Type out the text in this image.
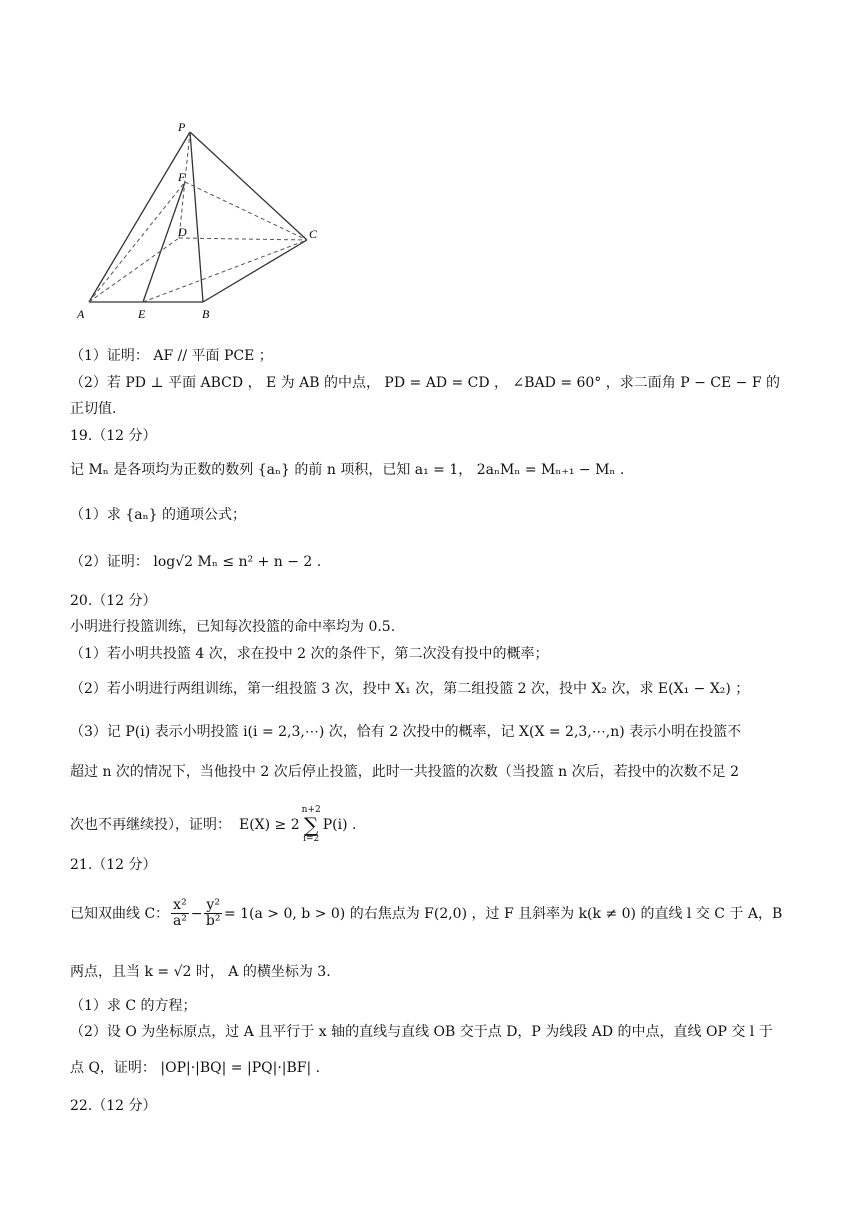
P
F
D	C
A	E	B
（1）证明： AF // 平面 PCE ；
（2）若 PD ⊥ 平面 ABCD ， E 为 AB 的中点， PD = AD = CD ， ∠BAD = 60° ，求二面角 P − CE − F 的
正切值.
19.（12 分）
记 Mₙ 是各项均为正数的数列 {aₙ} 的前 n 项积，已知 a₁ = 1， 2aₙMₙ = Mₙ₊₁ − Mₙ .
（1）求 {aₙ} 的通项公式；
（2）证明： log√2 Mₙ ≤ n² + n − 2 .
20.（12 分）
小明进行投篮训练，已知每次投篮的命中率均为 0.5.
（1）若小明共投篮 4 次，求在投中 2 次的条件下，第二次没有投中的概率；
（2）若小明进行两组训练，第一组投篮 3 次，投中 X₁ 次，第二组投篮 2 次，投中 X₂ 次，求 E(X₁ − X₂) ；
（3）记 P(i) 表示小明投篮 i(i = 2,3,⋯) 次，恰有 2 次投中的概率，记 X(X = 2,3,⋯,n) 表示小明在投篮不
超过 n 次的情况下，当他投中 2 次后停止投篮，此时一共投篮的次数（当投篮 n 次后，若投中的次数不足 2
次也不再继续投），证明： E(X) ≥ 2
n+2
∑
i=2
P(i) .
21.（12 分）
已知双曲线 C： $\frac{\text{x²}}{\text{a²}} - \frac{\text{y²}}{\text{b²}} = 1(a > 0$, b > 0) 的右焦点为 F(2,0) ，过 F 且斜率为 k(k ≠ 0) 的直线 l 交 C 于 A，B
两点，且当 k = √2 时， A 的横坐标为 3.
（1）求 C 的方程；
（2）设 O 为坐标原点，过 A 且平行于 x 轴的直线与直线 OB 交于点 D，P 为线段 AD 的中点，直线 OP 交 l 于
点 Q，证明： |OP|·|BQ| = |PQ|·|BF| .
22.（12 分）
